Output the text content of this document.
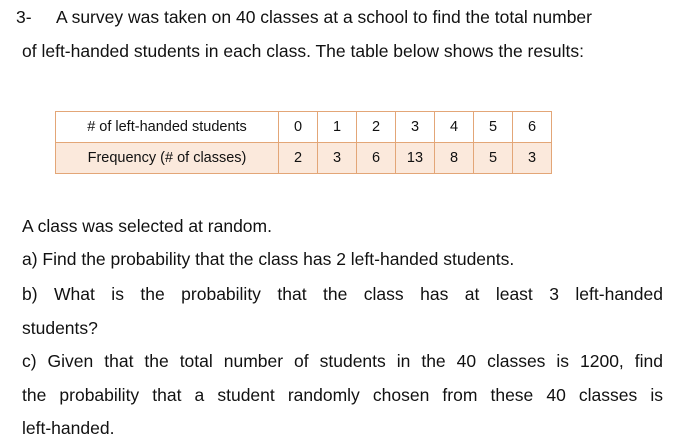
3- A survey was taken on 40 classes at a school to find the total number
of left-handed students in each class. The table below shows the results:
# of left-handed students	0	1	2	3	4	5	6
Frequency (# of classes)	2	3	6	13	8	5	3
A class was selected at random.
a) Find the probability that the class has 2 left-handed students.
b) What is the probability that the class has at least 3 left-handed
students?
c) Given that the total number of students in the 40 classes is 1200, find
the probability that a student randomly chosen from these 40 classes is
left-handed.
